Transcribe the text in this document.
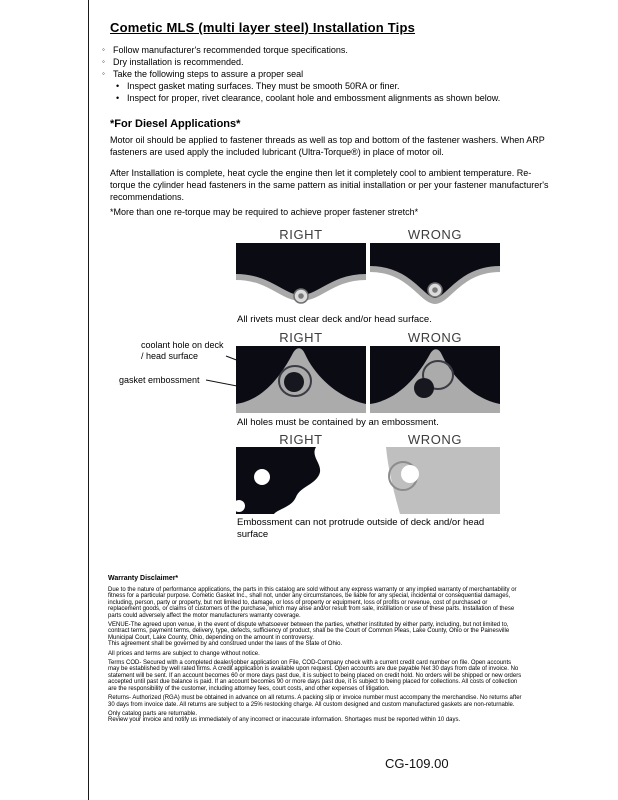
Cometic MLS (multi layer steel) Installation Tips
◦ Follow manufacturer's recommended torque specifications.
◦ Dry installation is recommended.
◦ Take the following steps to assure a proper seal
• Inspect gasket mating surfaces. They must be smooth 50RA or finer.
• Inspect for proper, rivet clearance, coolant hole and embossment alignments as shown below.
*For Diesel Applications*

Motor oil should be applied to fastener threads as well as top and bottom of the fastener washers. When ARP fasteners are used apply the included lubricant (Ultra-Torque®) in place of motor oil.

After Installation is complete, heat cycle the engine then let it completely cool to ambient temperature. Re-torque the cylinder head fasteners in the same pattern as initial installation or per your fastener manufacturer's recommendations.

*More than one re-torque may be required to achieve proper fastener stretch*

RIGHT	WRONG
All rivets must clear deck and/or head surface.
RIGHT	WRONG
coolant hole on deck / head surface
gasket embossment
All holes must be contained by an embossment.
RIGHT	WRONG
Embossment can not protrude outside of deck and/or head surface
Warranty Disclaimer*

Due to the nature of performance applications, the parts in this catalog are sold without any express warranty or any implied warranty of merchantability or fitness for a particular purpose. Cometic Gasket Inc., shall not, under any circumstances, be liable for any special, incidental or consequential damages, including, person, party or property, but not limited to, damage, or loss of property or equipment, loss of profits or revenue, cost of purchased or replacement goods, or claims of customers of the purchase, which may arise and/or result from sale, instillation or use of these parts. Installation of these parts could adversely affect the motor manufacturers warranty coverage.

VENUE-The agreed upon venue, in the event of dispute whatsoever between the parties, whether instituted by either party, including, but not limited to, contract terms, payment terms, delivery, type, defects, sufficiency of product, shall be the Court of Common Pleas, Lake County, Ohio or the Painesville Municipal Court, Lake County, Ohio, depending on the amount in controversy.

This agreement shall be governed by and construed under the laws of the State of Ohio.

All prices and terms are subject to change without notice.

Terms COD- Secured with a completed dealer/jobber application on File, COD-Company check with a current credit card number on file. Open accounts may be established by well rated firms. A credit application is available upon request. Open accounts are due payable Net 30 days from date of invoice. No statement will be sent. If an account becomes 60 or more days past due, it is subject to being placed on credit hold. No orders will be shipped or new orders accepted until past due balance is paid. If an account becomes 90 or more days past due, it is subject to being placed for collections. All costs of collection are the responsibility of the customer, including attorney fees, court costs, and other expenses of litigation.

Returns- Authorized (RGA) must be obtained in advance on all returns. A packing slip or invoice number must accompany the merchandise. No returns after 30 days from invoice date. All returns are subject to a 25% restocking charge. All custom designed and custom manufactured gaskets are non-returnable.

Only catalog parts are returnable.

Review your invoice and notify us immediately of any incorrect or inaccurate information. Shortages must be reported within 10 days.

CG-109.00
